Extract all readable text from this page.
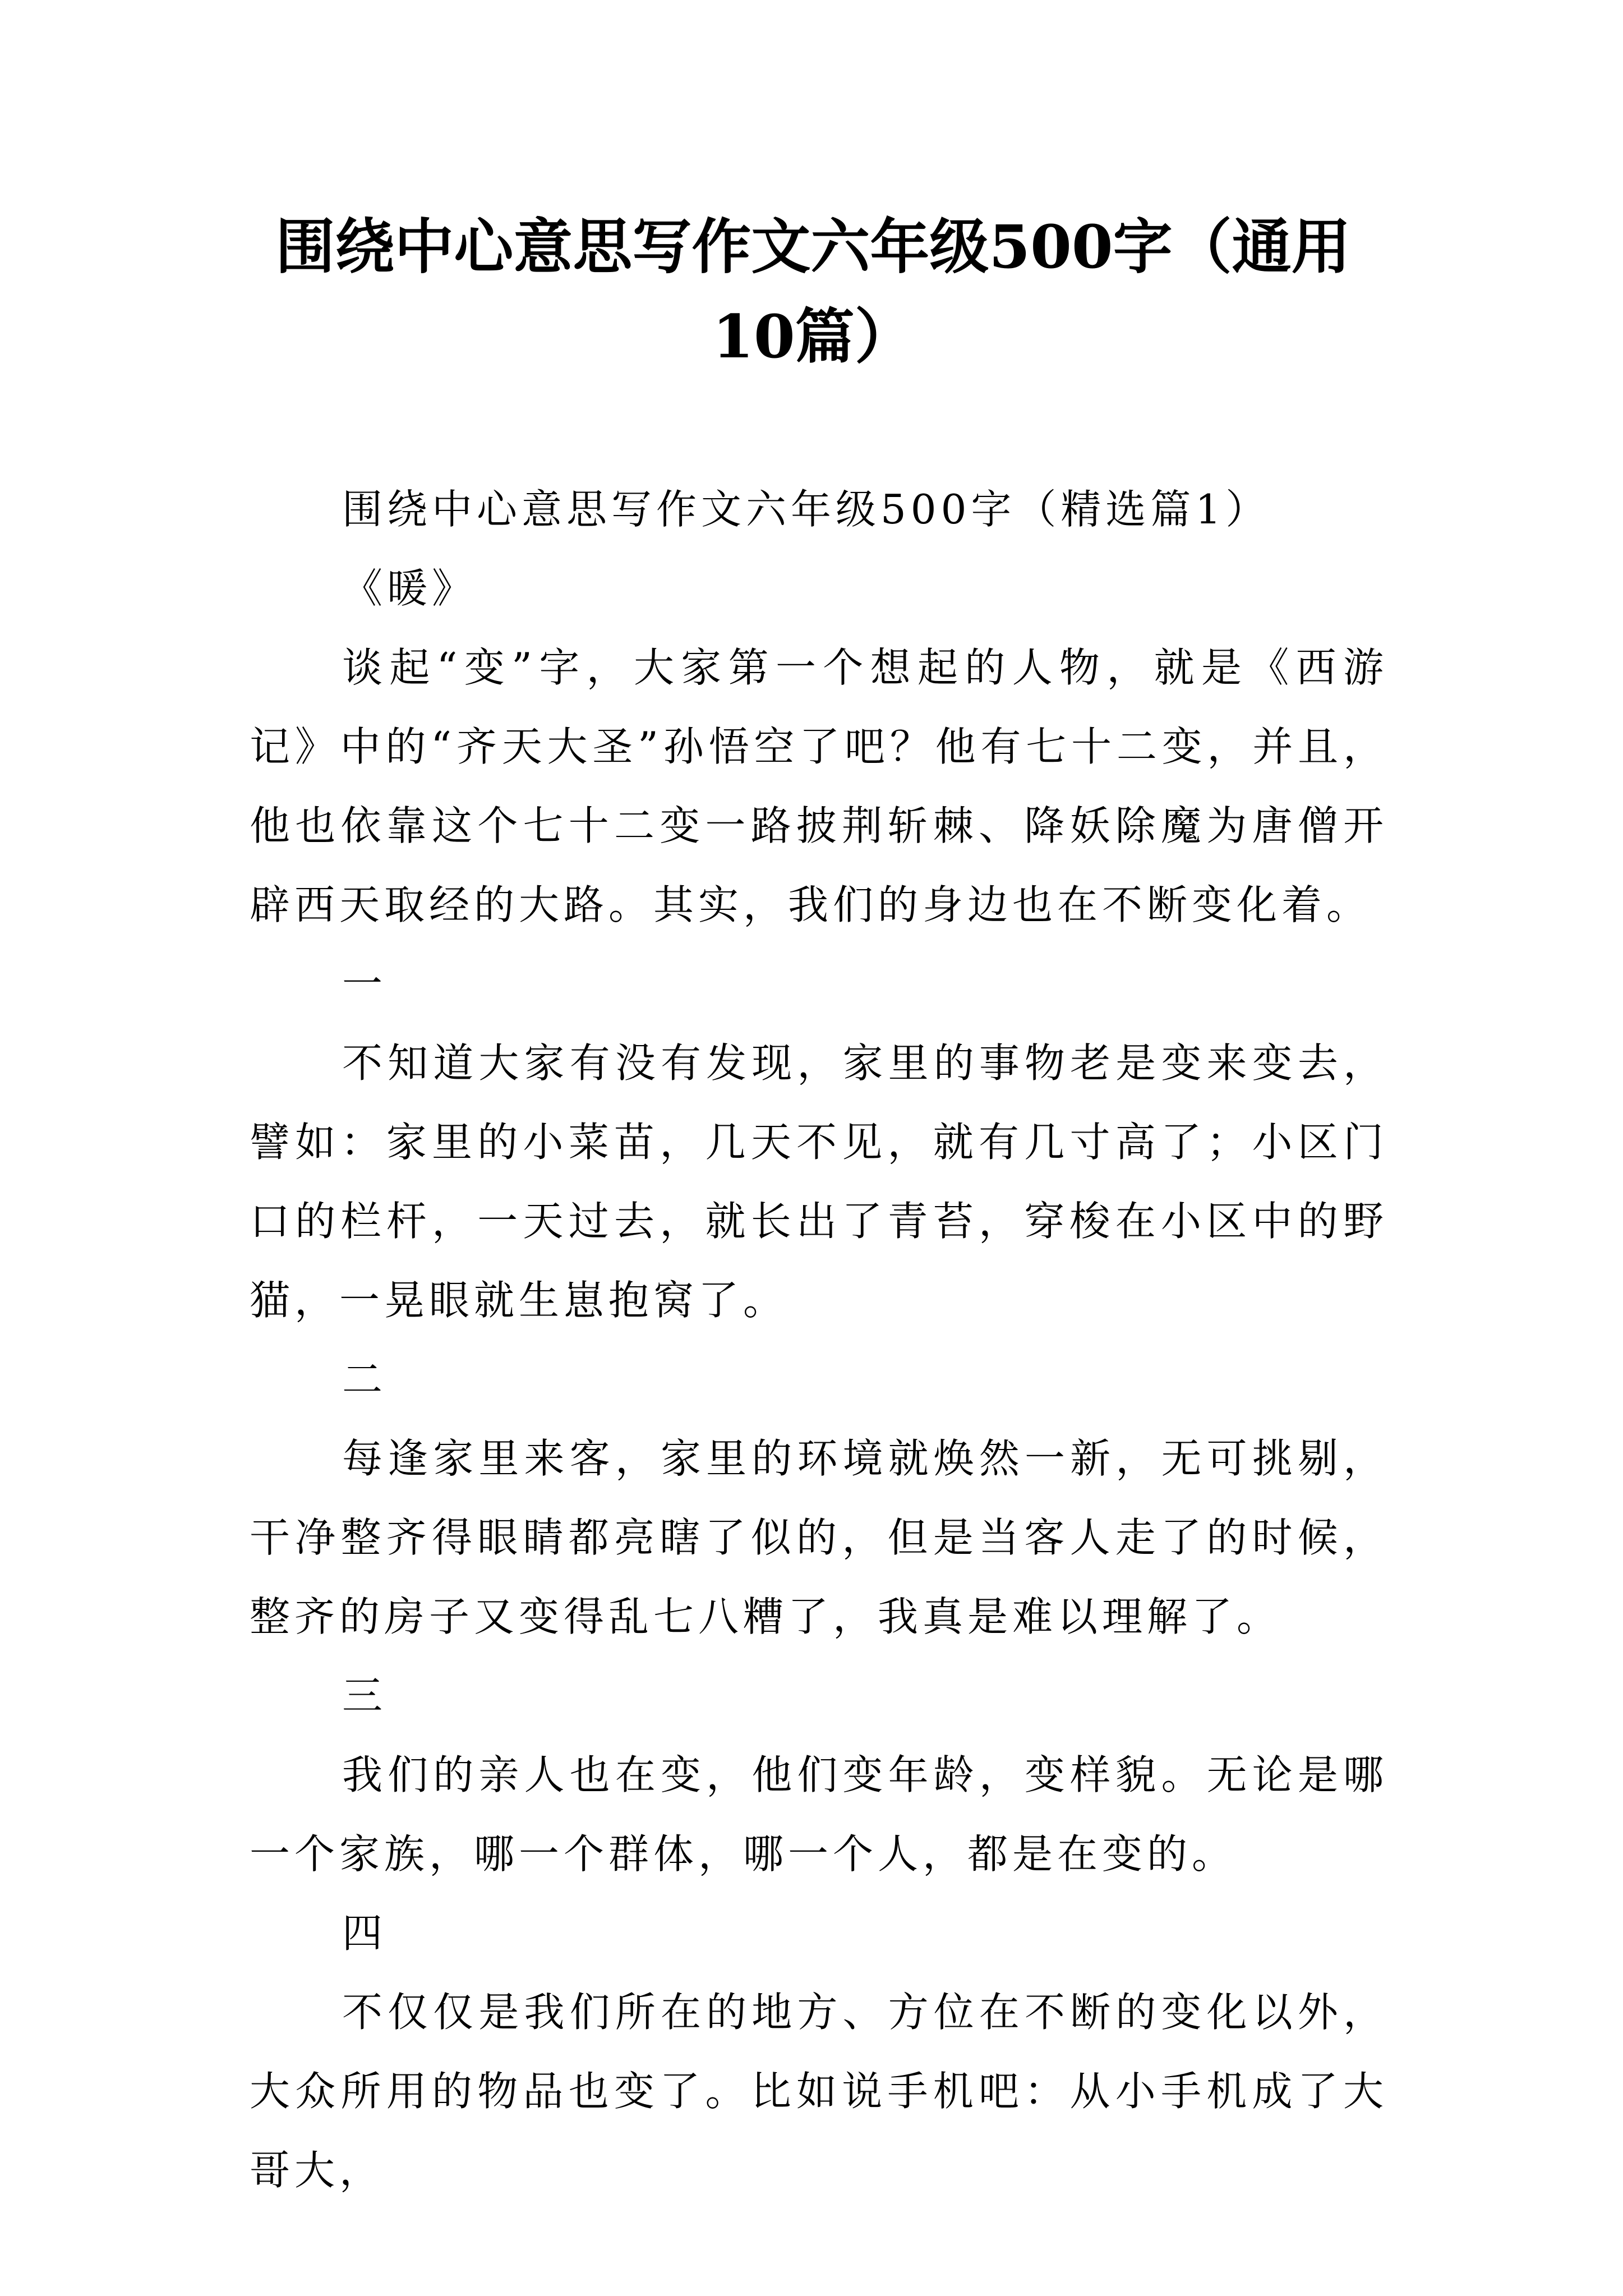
围绕中心意思写作文六年级500字（通用10篇）

围绕中心意思写作文六年级500字（精选篇1）

《暖》

谈起“变”字，大家第一个想起的人物，就是《西游记》中的“齐天大圣”孙悟空了吧？他有七十二变，并且，他也依靠这个七十二变一路披荆斩棘、降妖除魔为唐僧开辟西天取经的大路。其实，我们的身边也在不断变化着。

一

不知道大家有没有发现，家里的事物老是变来变去，譬如：家里的小菜苗，几天不见，就有几寸高了；小区门口的栏杆，一天过去，就长出了青苔，穿梭在小区中的野猫，一晃眼就生崽抱窝了。

二

每逢家里来客，家里的环境就焕然一新，无可挑剔，干净整齐得眼睛都亮瞎了似的，但是当客人走了的时候，整齐的房子又变得乱七八糟了，我真是难以理解了。

三

我们的亲人也在变，他们变年龄，变样貌。无论是哪一个家族，哪一个群体，哪一个人，都是在变的。

四

不仅仅是我们所在的地方、方位在不断的变化以外，大众所用的物品也变了。比如说手机吧：从小手机成了大哥大，
